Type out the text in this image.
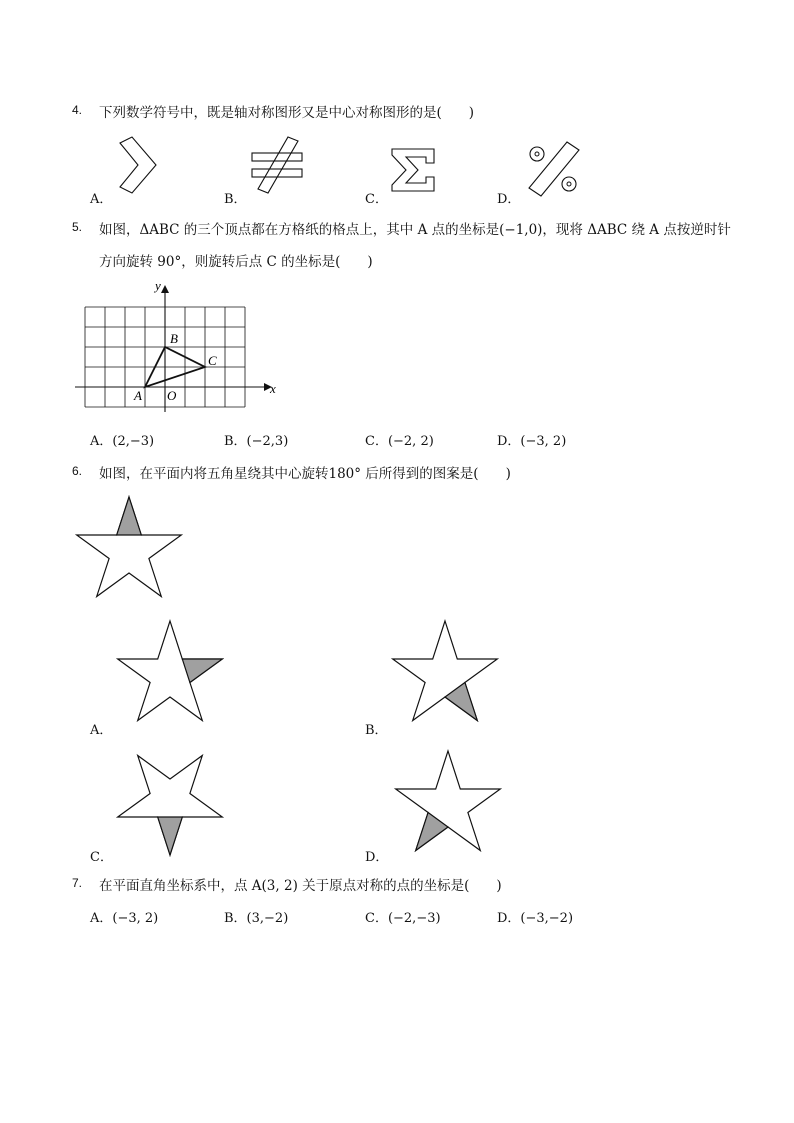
4. 下列数学符号中，既是轴对称图形又是中心对称图形的是(　　)
A．	B．	C．	D．
5. 如图，ΔABC 的三个顶点都在方格纸的格点上，其中 A 点的坐标是(−1,0)，现将 ΔABC 绕 A 点按逆时针
方向旋转 90°，则旋转后点 C 的坐标是(　　)
y
x
B
C
A O
A．(2,−3)	B．(−2,3)	C．(−2, 2)	D．(−3, 2)
6. 如图，在平面内将五角星绕其中心旋转180° 后所得到的图案是(　　)
A．	B．
C．	D．
7. 在平面直角坐标系中，点 A(3, 2) 关于原点对称的点的坐标是(　　)
A．(−3, 2)	B．(3,−2)	C．(−2,−3)	D．(−3,−2)
